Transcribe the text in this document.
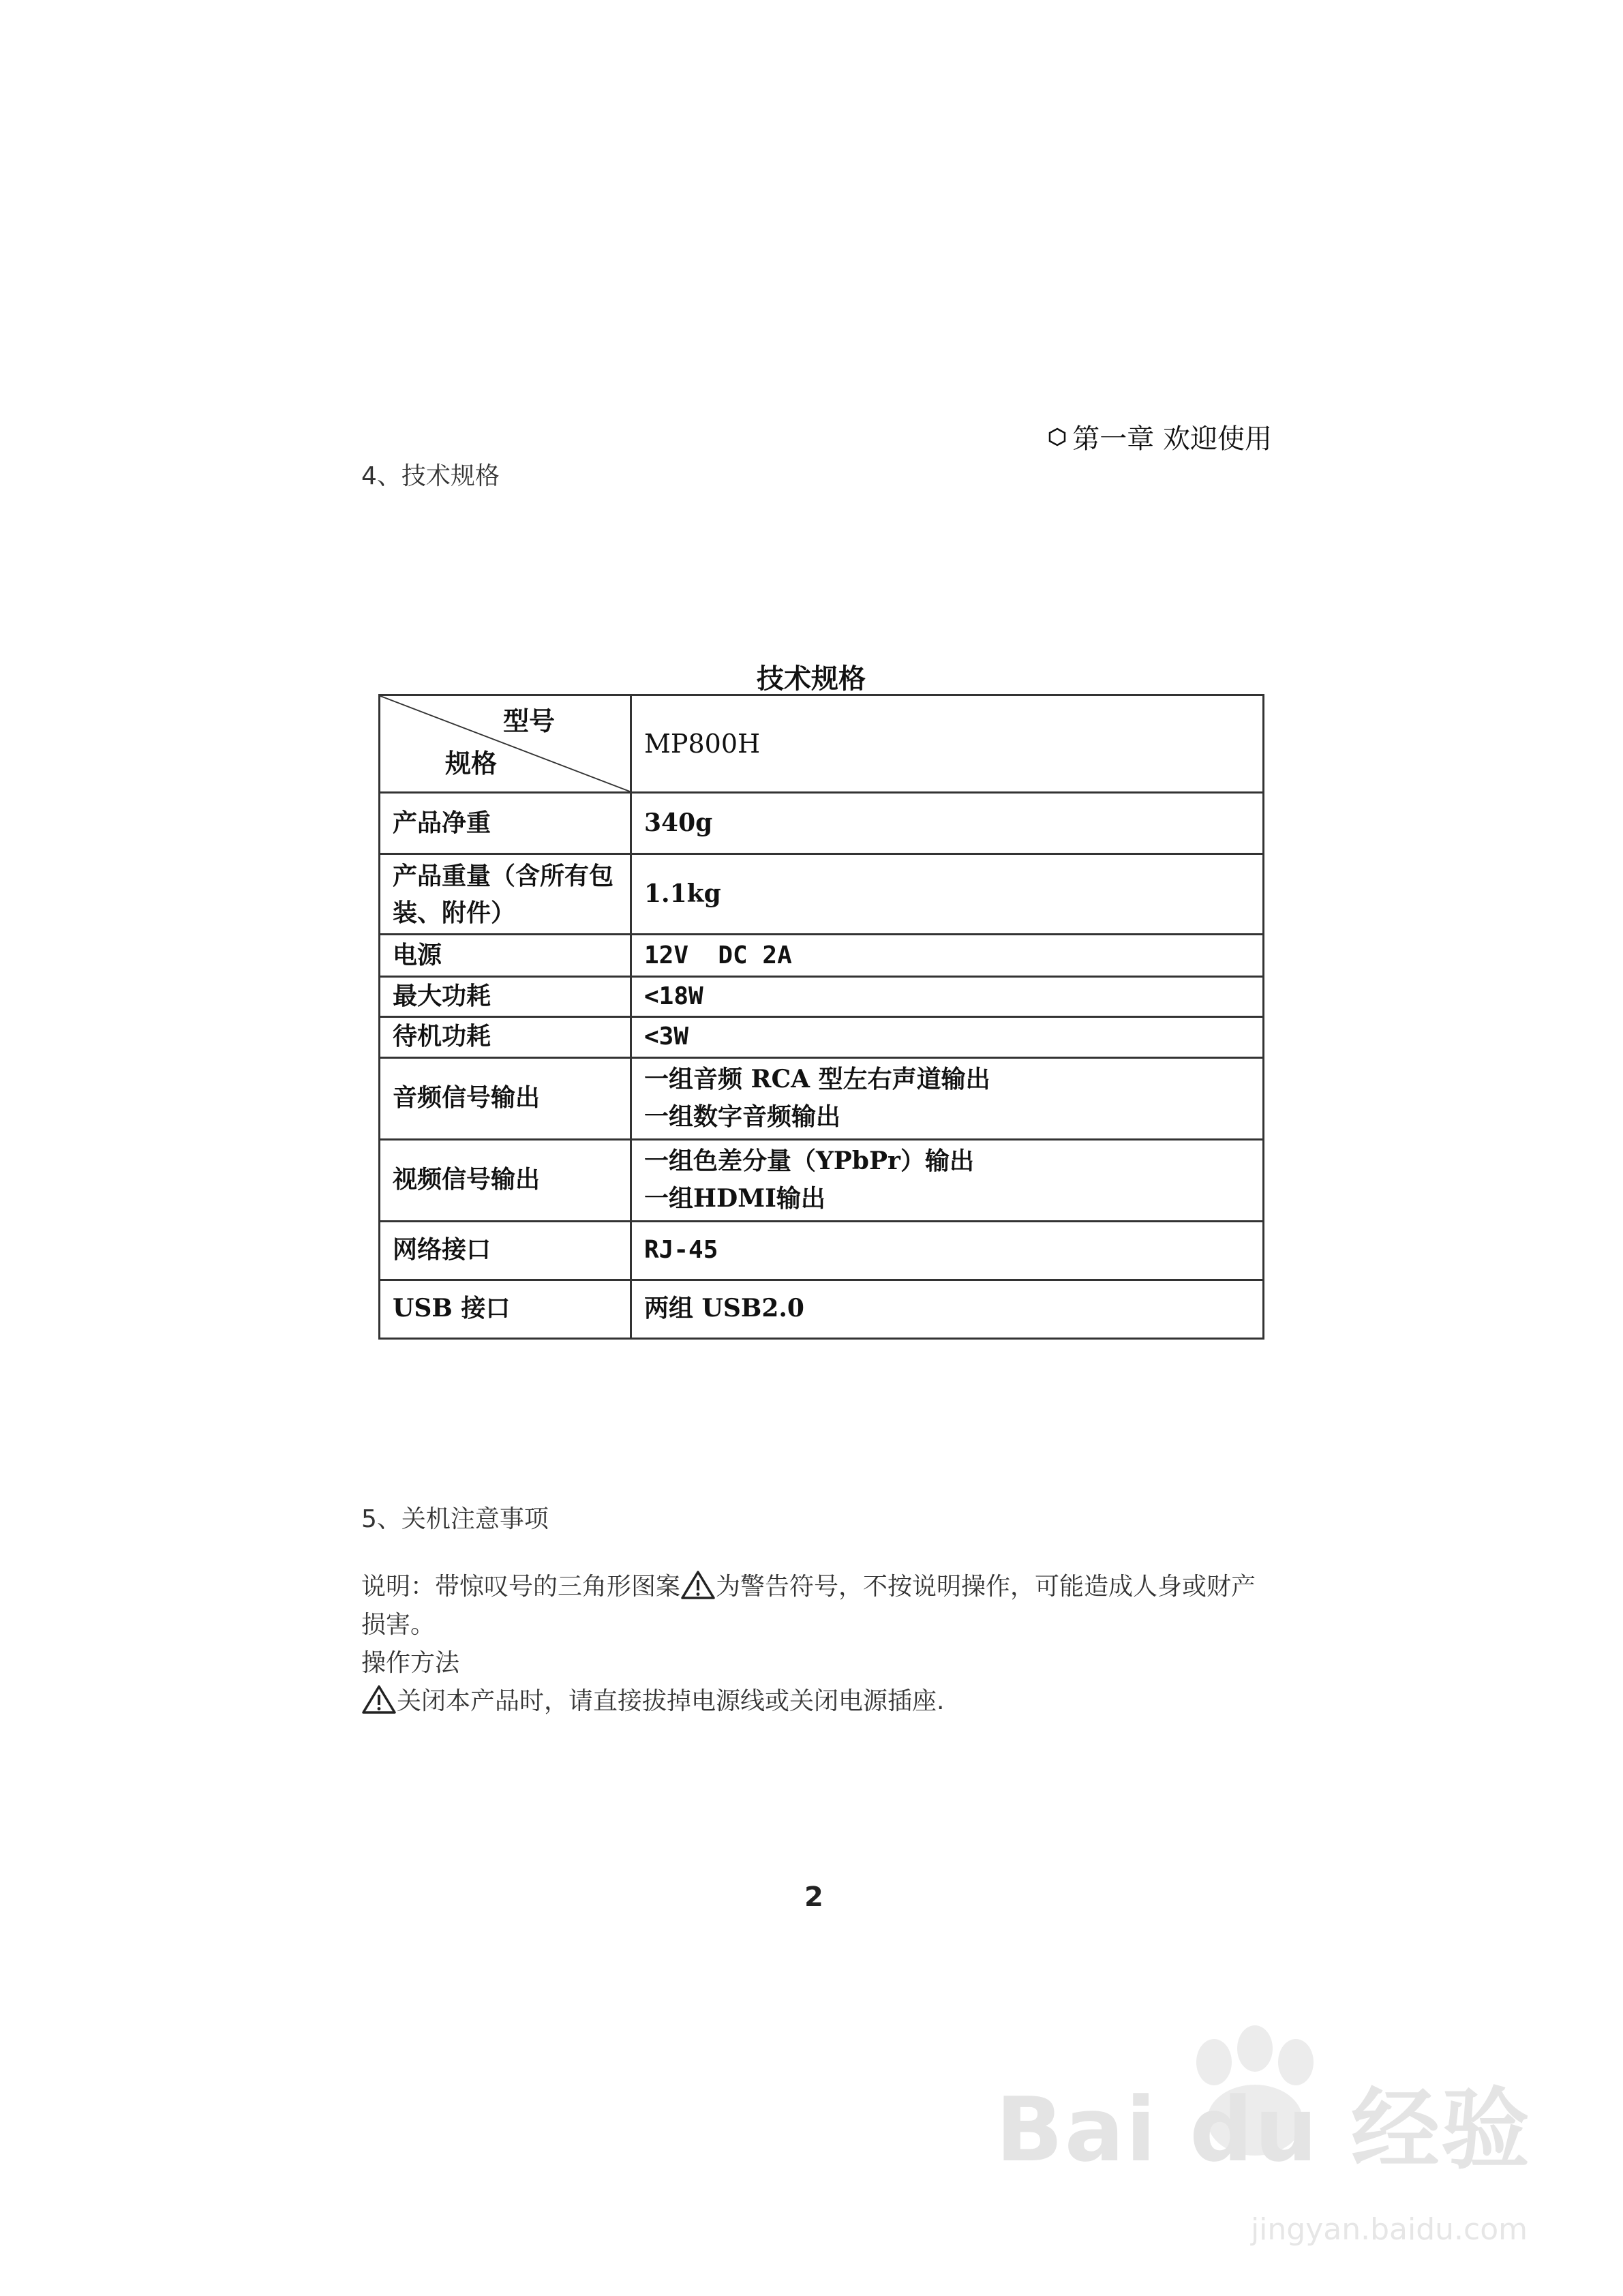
第一章 欢迎使用
4、技术规格
技术规格
型号
规格	MP800H
产品净重	340g
产品重量（含所有包装、附件）	1.1kg
电源	12V  DC 2A
最大功耗	<18W
待机功耗	<3W
音频信号输出	一组音频 RCA 型左右声道输出
一组数字音频输出

视频信号输出	一组色差分量（YPbPr）输出
一组HDMI输出

网络接口	RJ-45
USB 接口	两组 USB2.0
5、关机注意事项
说明：带惊叹号的三角形图案 为警告符号，不按说明操作，可能造成人身或财产
损害。
操作方法
关闭本产品时，请直接拔掉电源线或关闭电源插座.
2
Bai du 经验
jingyan.baidu.com
